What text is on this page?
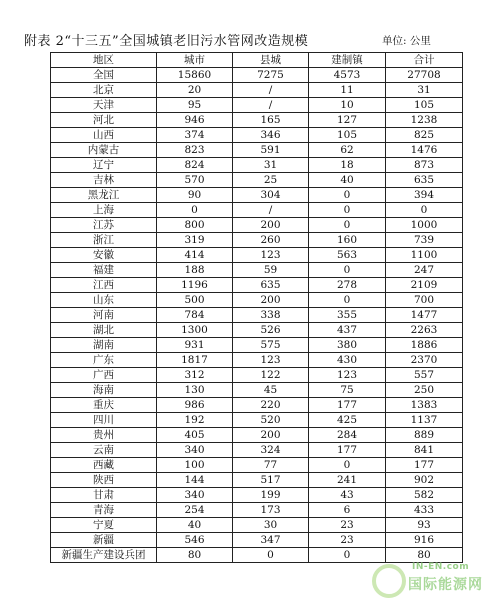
附表 2“十三五”全国城镇老旧污水管网改造规模	单位: 公里
地区	城市	县城	建制镇	合计
全国	15860	7275	4573	27708
北京	20	/	11	31
天津	95	/	10	105
河北	946	165	127	1238
山西	374	346	105	825
内蒙古	823	591	62	1476
辽宁	824	31	18	873
吉林	570	25	40	635
黑龙江	90	304	0	394
上海	0	/	0	0
江苏	800	200	0	1000
浙江	319	260	160	739
安徽	414	123	563	1100
福建	188	59	0	247
江西	1196	635	278	2109
山东	500	200	0	700
河南	784	338	355	1477
湖北	1300	526	437	2263
湖南	931	575	380	1886
广东	1817	123	430	2370
广西	312	122	123	557
海南	130	45	75	250
重庆	986	220	177	1383
四川	192	520	425	1137
贵州	405	200	284	889
云南	340	324	177	841
西藏	100	77	0	177
陕西	144	517	241	902
甘肃	340	199	43	582
青海	254	173	6	433
宁夏	40	30	23	93
新疆	546	347	23	916
新疆生产建设兵团	80	0	0	80
IN-EN.com
国际能源网
